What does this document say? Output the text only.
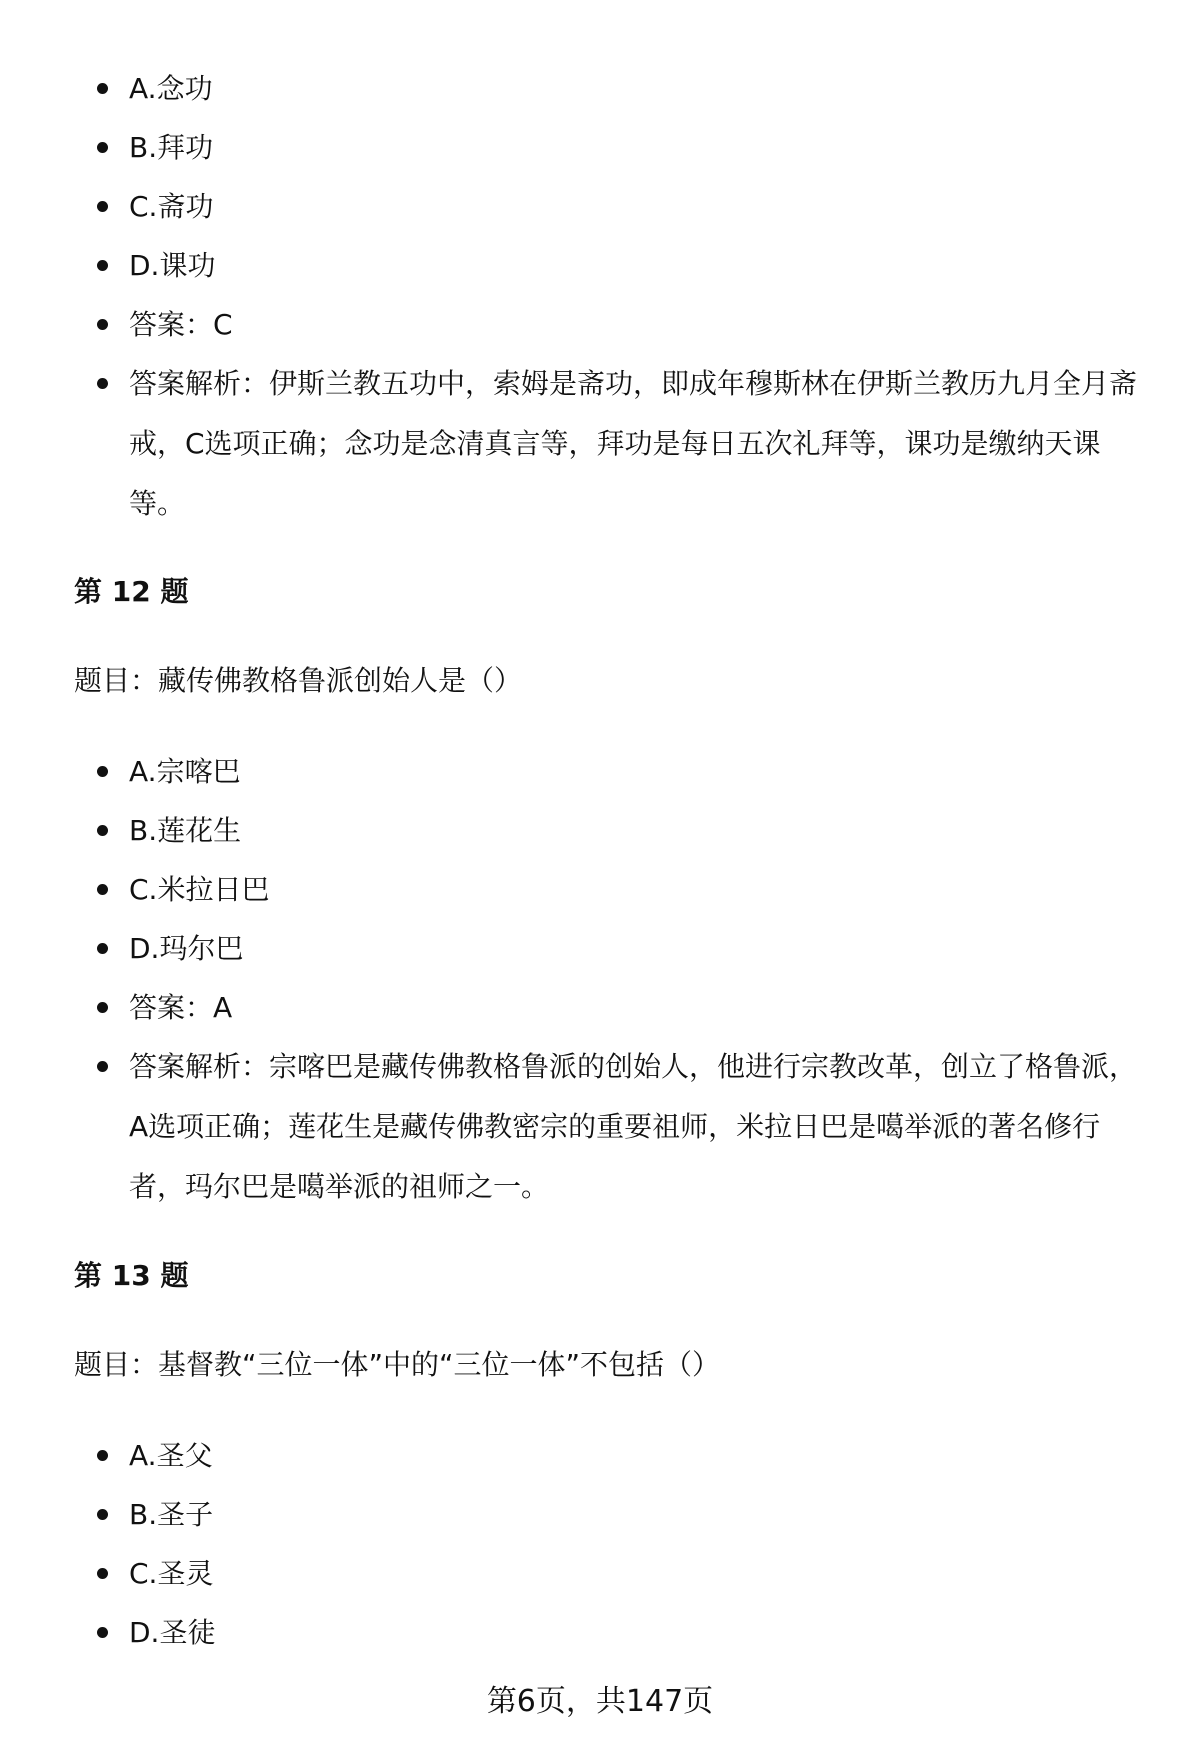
A.念功
B.拜功
C.斋功
D.课功
答案：C
答案解析：伊斯兰教五功中，索姆是斋功，即成年穆斯林在伊斯兰教历九月全月斋戒，C选项正确；念功是念清真言等，拜功是每日五次礼拜等，课功是缴纳天课等。
第 12 题
题目：藏传佛教格鲁派创始人是（）
A.宗喀巴
B.莲花生
C.米拉日巴
D.玛尔巴
答案：A
答案解析：宗喀巴是藏传佛教格鲁派的创始人，他进行宗教改革，创立了格鲁派，A选项正确；莲花生是藏传佛教密宗的重要祖师，米拉日巴是噶举派的著名修行者，玛尔巴是噶举派的祖师之一。
第 13 题
题目：基督教“三位一体”中的“三位一体”不包括（）
A.圣父
B.圣子
C.圣灵
D.圣徒
第6页，共147页
